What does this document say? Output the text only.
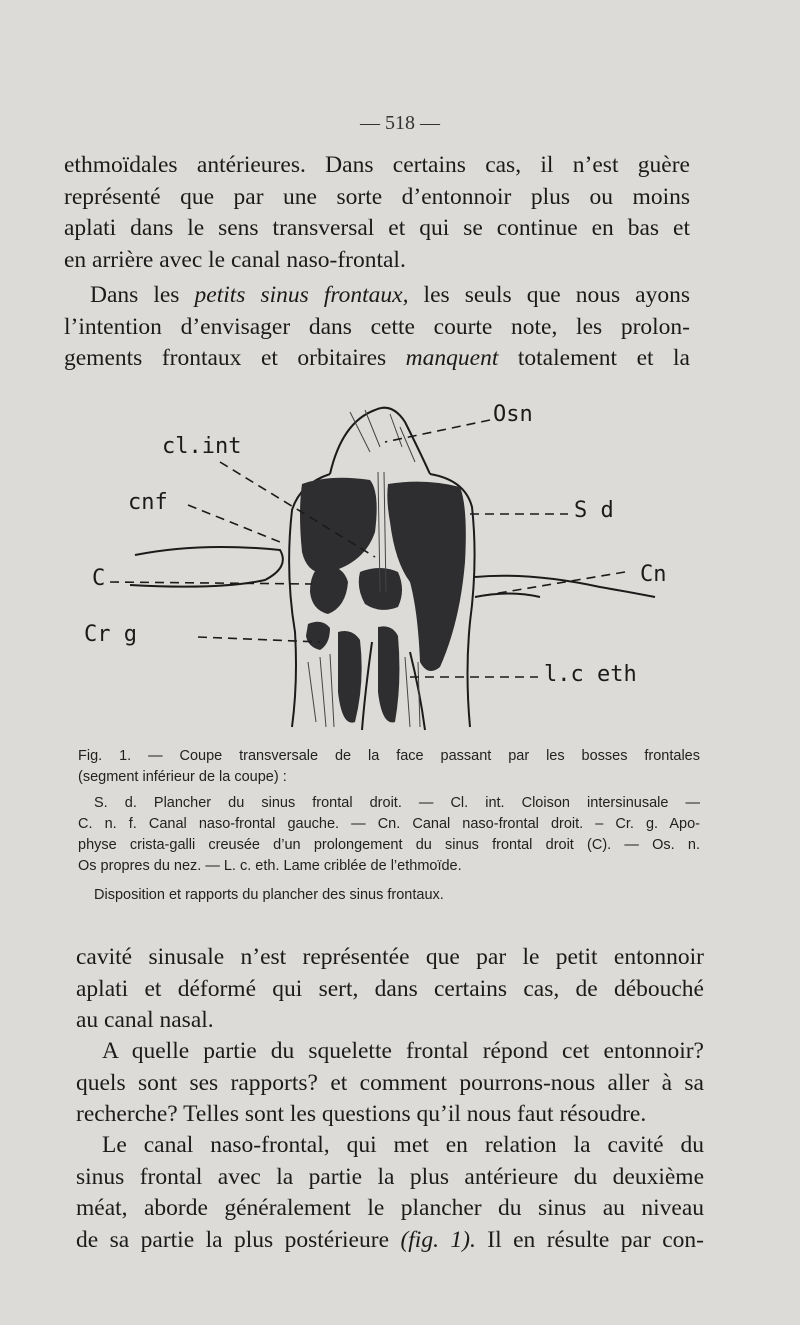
— 518 —

ethmoïdales antérieures. Dans certains cas, il n’est guère
représenté que par une sorte d’entonnoir plus ou moins
aplati dans le sens transversal et qui se continue en bas et
en arrière avec le canal naso-frontal.

Dans les petits sinus frontaux, les seuls que nous ayons
l’intention d’envisager dans cette courte note, les prolon-
gements frontaux et orbitaires manquent totalement et la

cl.int
Osn
cnf	S d
C	Cn
Cr g
l.c eth
Fig. 1. — Coupe transversale de la face passant par les bosses frontales
(segment inférieur de la coupe) :
S. d. Plancher du sinus frontal droit. — Cl. int. Cloison intersinusale —
C. n. f. Canal naso-frontal gauche. — Cn. Canal naso-frontal droit. – Cr. g. Apo-
physe crista-galli creusée d’un prolongement du sinus frontal droit (C). — Os. n.
Os propres du nez. — L. c. eth. Lame criblée de l’ethmoïde.
Disposition et rapports du plancher des sinus frontaux.

cavité sinusale n’est représentée que par le petit entonnoir
aplati et déformé qui sert, dans certains cas, de débouché
au canal nasal.

A quelle partie du squelette frontal répond cet entonnoir?
quels sont ses rapports? et comment pourrons-nous aller à sa
recherche? Telles sont les questions qu’il nous faut résoudre.

Le canal naso-frontal, qui met en relation la cavité du
sinus frontal avec la partie la plus antérieure du deuxième
méat, aborde généralement le plancher du sinus au niveau
de sa partie la plus postérieure (fig. 1). Il en résulte par con-
